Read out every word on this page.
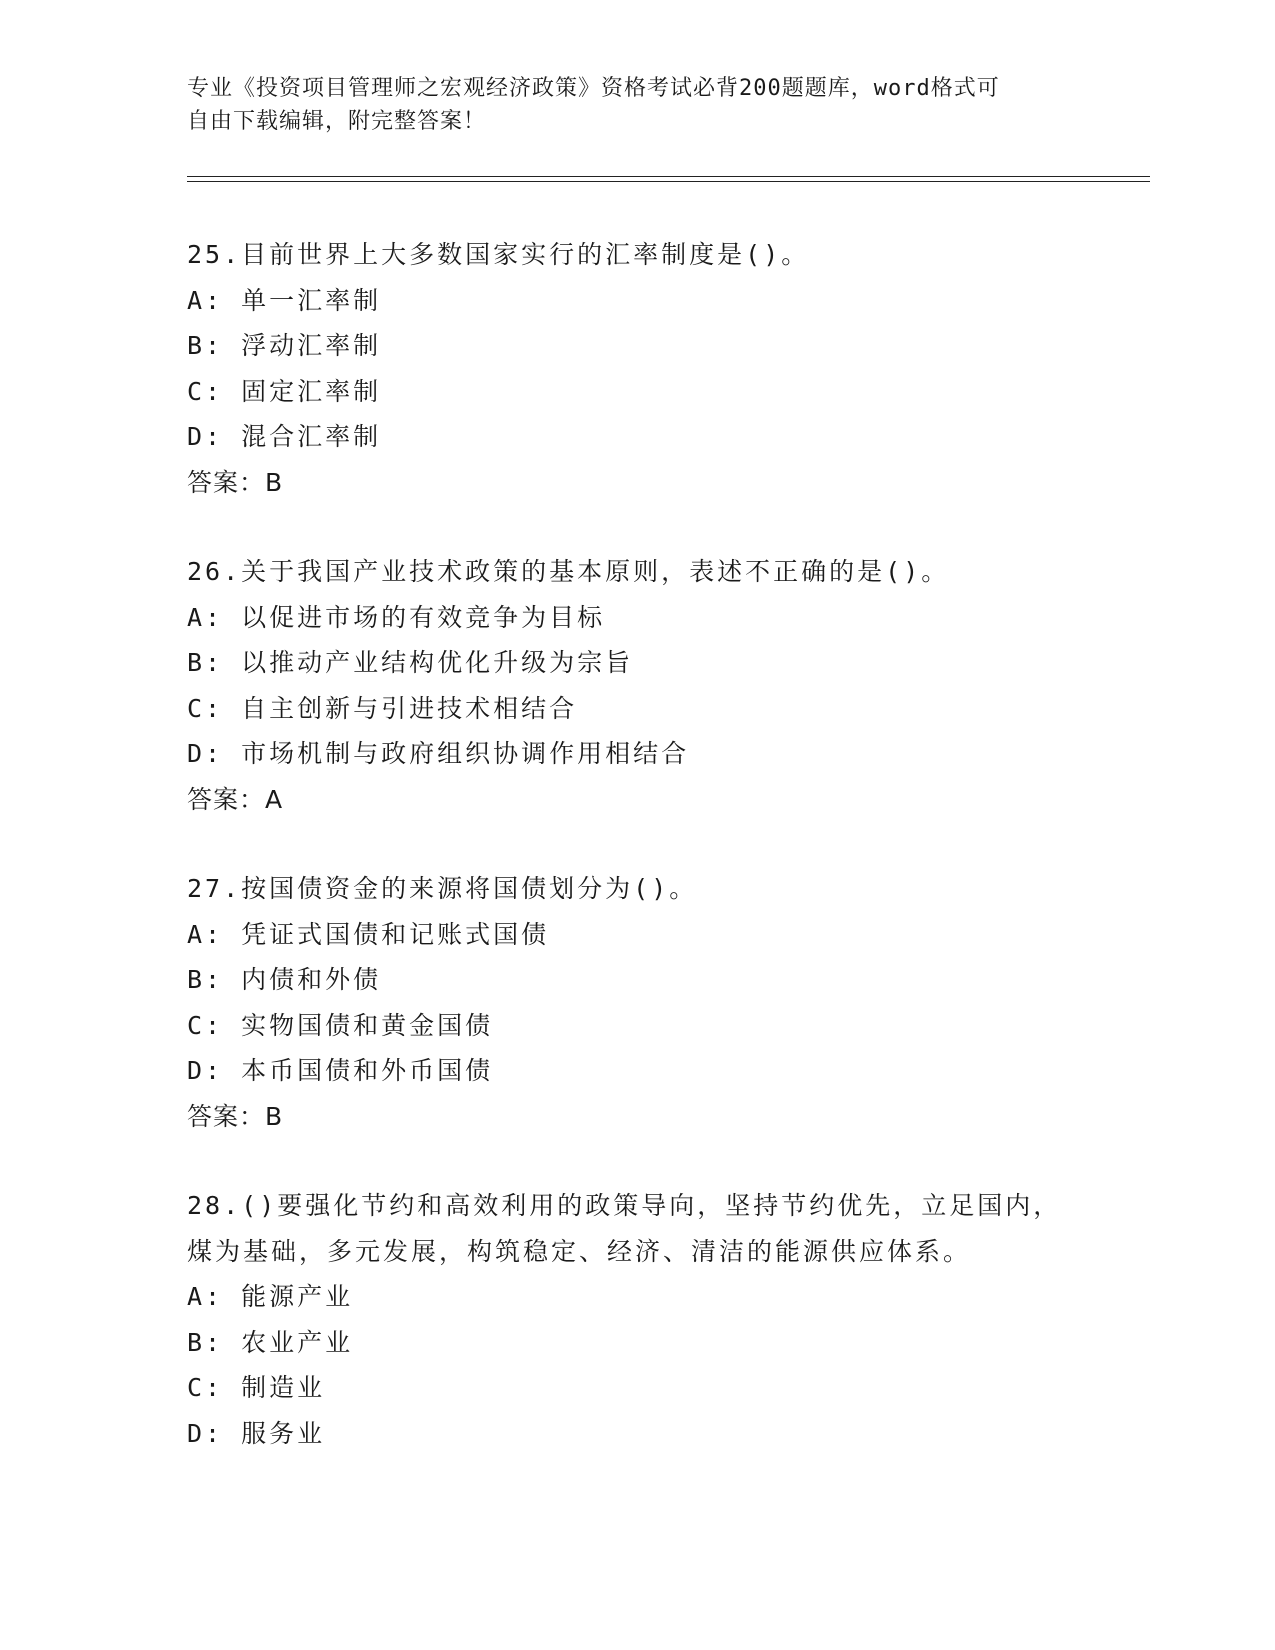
专业《投资项目管理师之宏观经济政策》资格考试必背200题题库，word格式可

自由下载编辑，附完整答案！

25.目前世界上大多数国家实行的汇率制度是()。
A: 单一汇率制
B: 浮动汇率制
C: 固定汇率制
D: 混合汇率制
答案：B
26.关于我国产业技术政策的基本原则，表述不正确的是()。
A: 以促进市场的有效竞争为目标
B: 以推动产业结构优化升级为宗旨
C: 自主创新与引进技术相结合
D: 市场机制与政府组织协调作用相结合
答案：A
27.按国债资金的来源将国债划分为()。
A: 凭证式国债和记账式国债
B: 内债和外债
C: 实物国债和黄金国债
D: 本币国债和外币国债
答案：B
28.()要强化节约和高效利用的政策导向，坚持节约优先，立足国内，
煤为基础，多元发展，构筑稳定、经济、清洁的能源供应体系。
A: 能源产业
B: 农业产业
C: 制造业
D: 服务业
